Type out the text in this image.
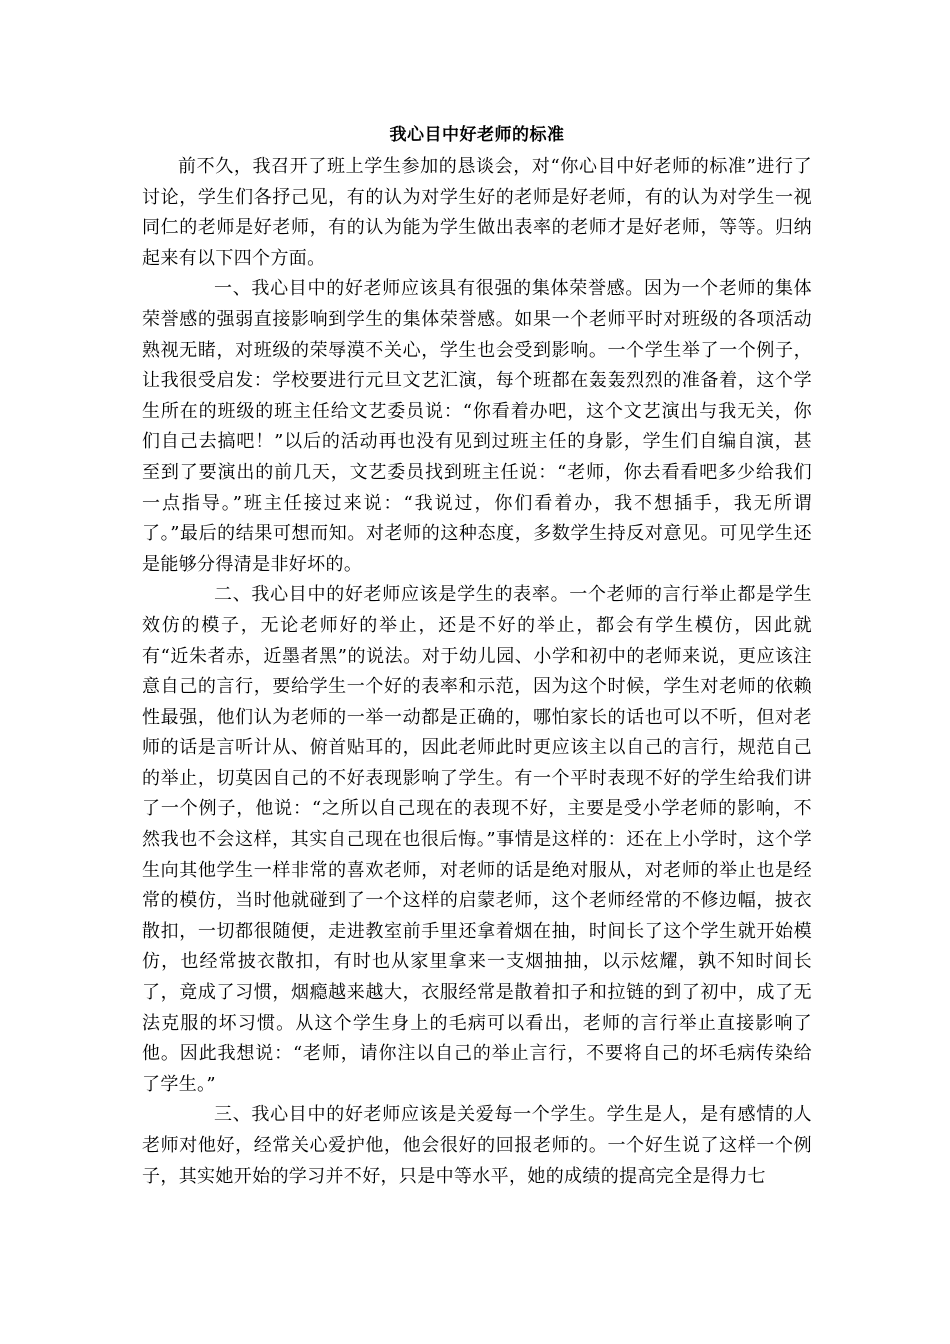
我心目中好老师的标准

前不久，我召开了班上学生参加的恳谈会，对“你心目中好老师的标准”进行了讨论，学生们各抒己见，有的认为对学生好的老师是好老师，有的认为对学生一视同仁的老师是好老师，有的认为能为学生做出表率的老师才是好老师，等等。归纳起来有以下四个方面。

一、我心目中的好老师应该具有很强的集体荣誉感。因为一个老师的集体荣誉感的强弱直接影响到学生的集体荣誉感。如果一个老师平时对班级的各项活动熟视无睹，对班级的荣辱漠不关心，学生也会受到影响。一个学生举了一个例子，让我很受启发：学校要进行元旦文艺汇演，每个班都在轰轰烈烈的准备着，这个学生所在的班级的班主任给文艺委员说：“你看着办吧，这个文艺演出与我无关，你们自己去搞吧！”以后的活动再也没有见到过班主任的身影，学生们自编自演，甚至到了要演出的前几天，文艺委员找到班主任说：“老师，你去看看吧多少给我们一点指导。”班主任接过来说：“我说过，你们看着办，我不想插手，我无所谓了。”最后的结果可想而知。对老师的这种态度，多数学生持反对意见。可见学生还是能够分得清是非好坏的。

二、我心目中的好老师应该是学生的表率。一个老师的言行举止都是学生效仿的模子，无论老师好的举止，还是不好的举止，都会有学生模仿，因此就有“近朱者赤，近墨者黑”的说法。对于幼儿园、小学和初中的老师来说，更应该注意自己的言行，要给学生一个好的表率和示范，因为这个时候，学生对老师的依赖性最强，他们认为老师的一举一动都是正确的，哪怕家长的话也可以不听，但对老师的话是言听计从、俯首贴耳的，因此老师此时更应该主以自己的言行，规范自己的举止，切莫因自己的不好表现影响了学生。有一个平时表现不好的学生给我们讲了一个例子，他说：“之所以自己现在的表现不好，主要是受小学老师的影响，不然我也不会这样，其实自己现在也很后悔。”事情是这样的：还在上小学时，这个学生向其他学生一样非常的喜欢老师，对老师的话是绝对服从，对老师的举止也是经常的模仿，当时他就碰到了一个这样的启蒙老师，这个老师经常的不修边幅，披衣散扣，一切都很随便，走进教室前手里还拿着烟在抽，时间长了这个学生就开始模仿，也经常披衣散扣，有时也从家里拿来一支烟抽抽，以示炫耀，孰不知时间长了，竟成了习惯，烟瘾越来越大，衣服经常是散着扣子和拉链的到了初中，成了无法克服的坏习惯。从这个学生身上的毛病可以看出，老师的言行举止直接影响了他。因此我想说：“老师，请你注以自己的举止言行，不要将自己的坏毛病传染给了学生。”

三、我心目中的好老师应该是关爱每一个学生。学生是人，是有感情的人老师对他好，经常关心爱护他，他会很好的回报老师的。一个好生说了这样一个例子，其实她开始的学习并不好，只是中等水平，她的成绩的提高完全是得力七
